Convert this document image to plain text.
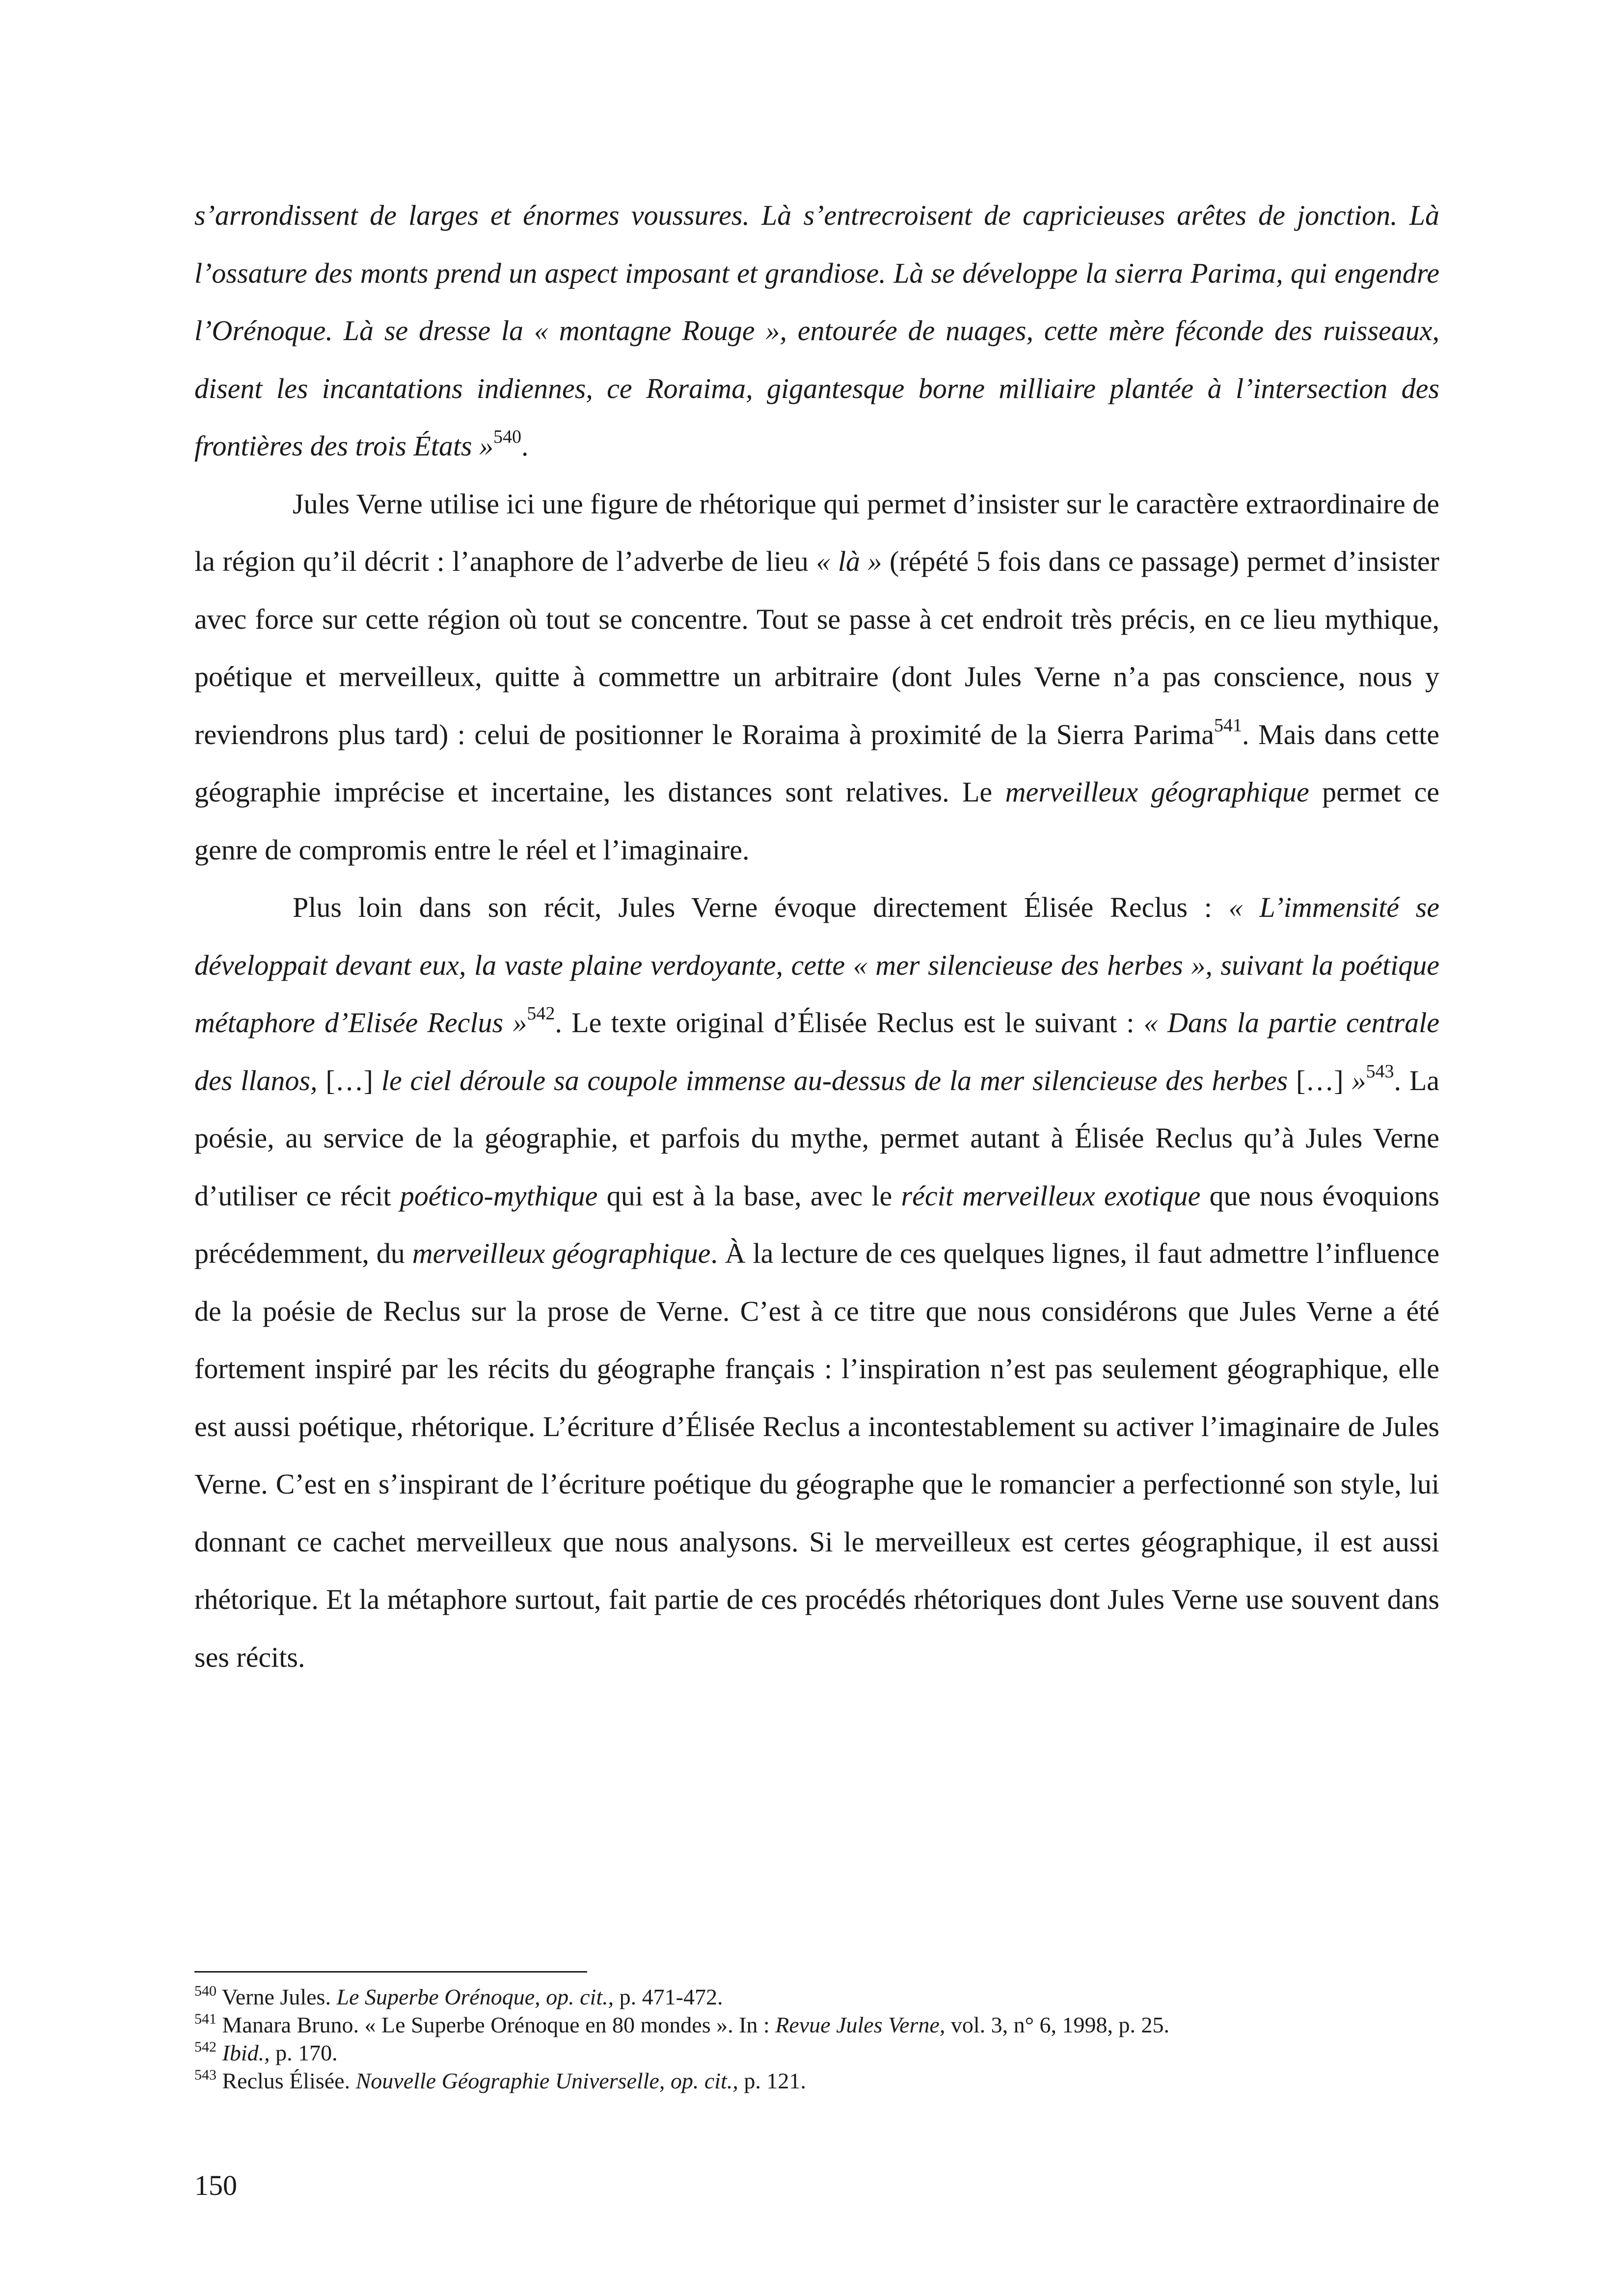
s’arrondissent de larges et énormes voussures. Là s’entrecroisent de capricieuses arêtes de jonction. Là l’ossature des monts prend un aspect imposant et grandiose. Là se développe la sierra Parima, qui engendre l’Orénoque. Là se dresse la « montagne Rouge », entourée de nuages, cette mère féconde des ruisseaux, disent les incantations indiennes, ce Roraima, gigantesque borne milliaire plantée à l’intersection des frontières des trois États »$^{540}$.

Jules Verne utilise ici une figure de rhétorique qui permet d’insister sur le caractère extraordinaire de la région qu’il décrit : l’anaphore de l’adverbe de lieu « là » (répété 5 fois dans ce passage) permet d’insister avec force sur cette région où tout se concentre. Tout se passe à cet endroit très précis, en ce lieu mythique, poétique et merveilleux, quitte à commettre un arbitraire (dont Jules Verne n’a pas conscience, nous y reviendrons plus tard) : celui de positionner le Roraima à proximité de la Sierra Parima$^{541}$. Mais dans cette géographie imprécise et incertaine, les distances sont relatives. Le merveilleux géographique permet ce genre de compromis entre le réel et l’imaginaire.

Plus loin dans son récit, Jules Verne évoque directement Élisée Reclus : « L’immensité se développait devant eux, la vaste plaine verdoyante, cette « mer silencieuse des herbes », suivant la poétique métaphore d’Elisée Reclus »$^{542}$. Le texte original d’Élisée Reclus est le suivant : « Dans la partie centrale des llanos, […] le ciel déroule sa coupole immense au-dessus de la mer silencieuse des herbes […] »$^{543}$. La poésie, au service de la géographie, et parfois du mythe, permet autant à Élisée Reclus qu’à Jules Verne d’utiliser ce récit poético-mythique qui est à la base, avec le récit merveilleux exotique que nous évoquions précédemment, du merveilleux géographique. À la lecture de ces quelques lignes, il faut admettre l’influence de la poésie de Reclus sur la prose de Verne. C’est à ce titre que nous considérons que Jules Verne a été fortement inspiré par les récits du géographe français : l’inspiration n’est pas seulement géographique, elle est aussi poétique, rhétorique. L’écriture d’Élisée Reclus a incontestablement su activer l’imaginaire de Jules Verne. C’est en s’inspirant de l’écriture poétique du géographe que le romancier a perfectionné son style, lui donnant ce cachet merveilleux que nous analysons. Si le merveilleux est certes géographique, il est aussi rhétorique. Et la métaphore surtout, fait partie de ces procédés rhétoriques dont Jules Verne use souvent dans ses récits.

$^{540}$ Verne Jules. Le Superbe Orénoque, op. cit., p. 471-472.

$^{541}$ Manara Bruno. « Le Superbe Orénoque en 80 mondes ». In : Revue Jules Verne, vol. 3, n° 6, 1998, p. 25.

$^{542}$ Ibid., p. 170.

$^{543}$ Reclus Élisée. Nouvelle Géographie Universelle, op. cit., p. 121.

150
